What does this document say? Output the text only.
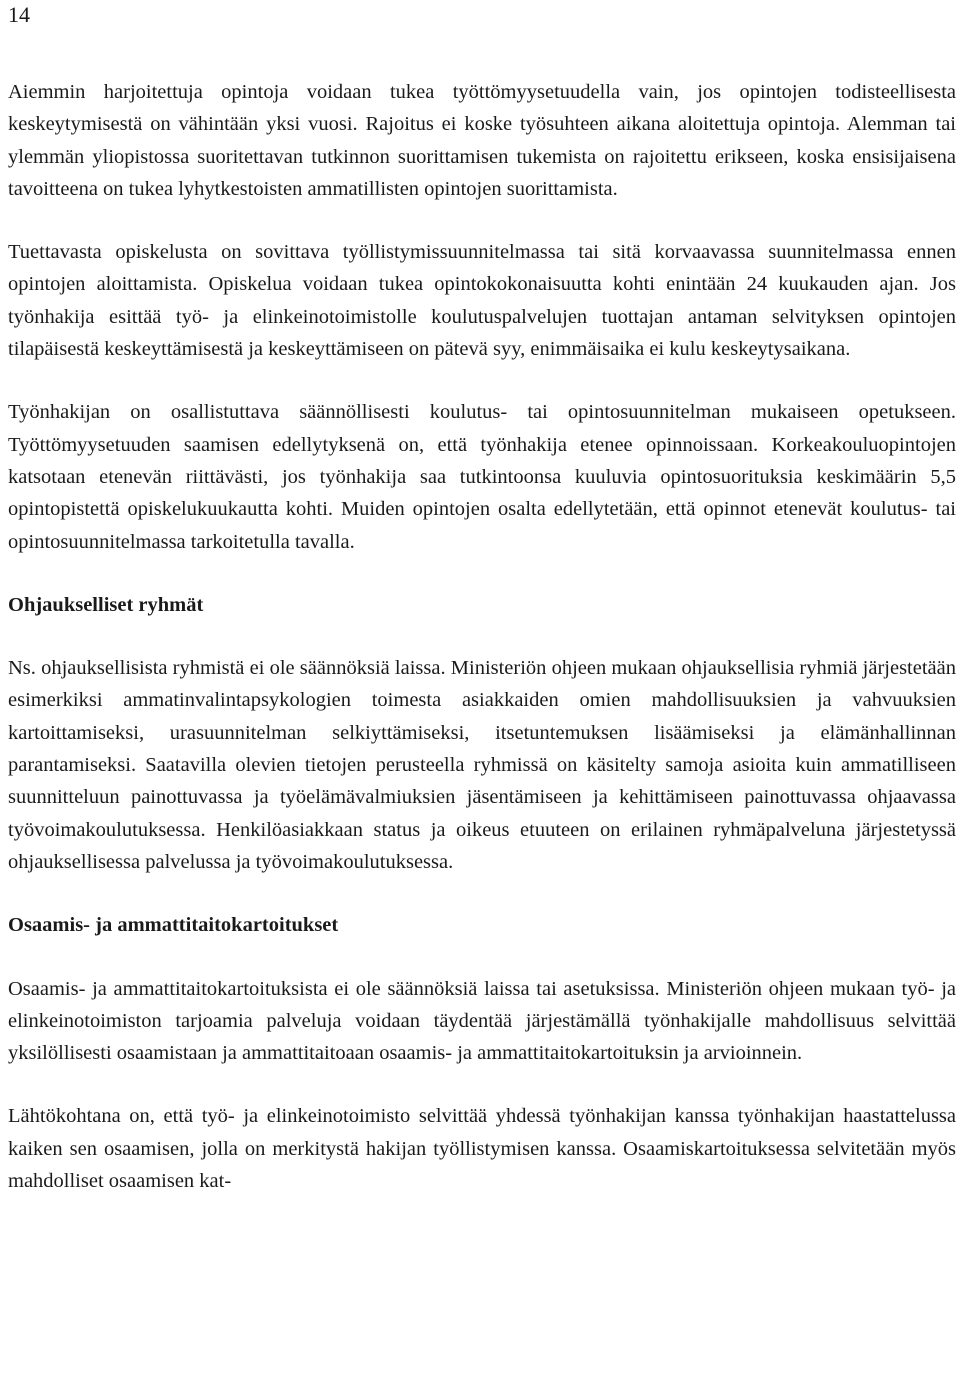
14

Aiemmin harjoitettuja opintoja voidaan tukea työttömyysetuudella vain, jos opintojen todisteellisesta keskeytymisestä on vähintään yksi vuosi. Rajoitus ei koske työsuhteen aikana aloitettuja opintoja. Alemman tai ylemmän yliopistossa suoritettavan tutkinnon suorittamisen tukemista on rajoitettu erikseen, koska ensisijaisena tavoitteena on tukea lyhytkestoisten ammatillisten opintojen suorittamista.

Tuettavasta opiskelusta on sovittava työllistymissuunnitelmassa tai sitä korvaavassa suunnitelmassa ennen opintojen aloittamista. Opiskelua voidaan tukea opintokokonaisuutta kohti enintään 24 kuukauden ajan. Jos työnhakija esittää työ- ja elinkeinotoimistolle koulutuspalvelujen tuottajan antaman selvityksen opintojen tilapäisestä keskeyttämisestä ja keskeyttämiseen on pätevä syy, enimmäisaika ei kulu keskeytysaikana.

Työnhakijan on osallistuttava säännöllisesti koulutus- tai opintosuunnitelman mukaiseen opetukseen. Työttömyysetuuden saamisen edellytyksenä on, että työnhakija etenee opinnoissaan. Korkeakouluopintojen katsotaan etenevän riittävästi, jos työnhakija saa tutkintoonsa kuuluvia opintosuorituksia keskimäärin 5,5 opintopistettä opiskelukuukautta kohti. Muiden opintojen osalta edellytetään, että opinnot etenevät koulutus- tai opintosuunnitelmassa tarkoitetulla tavalla.

Ohjaukselliset ryhmät

Ns. ohjauksellisista ryhmistä ei ole säännöksiä laissa. Ministeriön ohjeen mukaan ohjauksellisia ryhmiä järjestetään esimerkiksi ammatinvalintapsykologien toimesta asiakkaiden omien mahdollisuuksien ja vahvuuksien kartoittamiseksi, urasuunnitelman selkiyttämiseksi, itsetuntemuksen lisäämiseksi ja elämänhallinnan parantamiseksi. Saatavilla olevien tietojen perusteella ryhmissä on käsitelty samoja asioita kuin ammatilliseen suunnitteluun painottuvassa ja työelämävalmiuksien jäsentämiseen ja kehittämiseen painottuvassa ohjaavassa työvoimakoulutuksessa. Henkilöasiakkaan status ja oikeus etuuteen on erilainen ryhmäpalveluna järjestetyssä ohjauksellisessa palvelussa ja työvoimakoulutuksessa.

Osaamis- ja ammattitaitokartoitukset

Osaamis- ja ammattitaitokartoituksista ei ole säännöksiä laissa tai asetuksissa. Ministeriön ohjeen mukaan työ- ja elinkeinotoimiston tarjoamia palveluja voidaan täydentää järjestämällä työnhakijalle mahdollisuus selvittää yksilöllisesti osaamistaan ja ammattitaitoaan osaamis- ja ammattitaitokartoituksin ja arvioinnein.

Lähtökohtana on, että työ- ja elinkeinotoimisto selvittää yhdessä työnhakijan kanssa työnhakijan haastattelussa kaiken sen osaamisen, jolla on merkitystä hakijan työllistymisen kanssa. Osaamiskartoituksessa selvitetään myös mahdolliset osaamisen kat-
